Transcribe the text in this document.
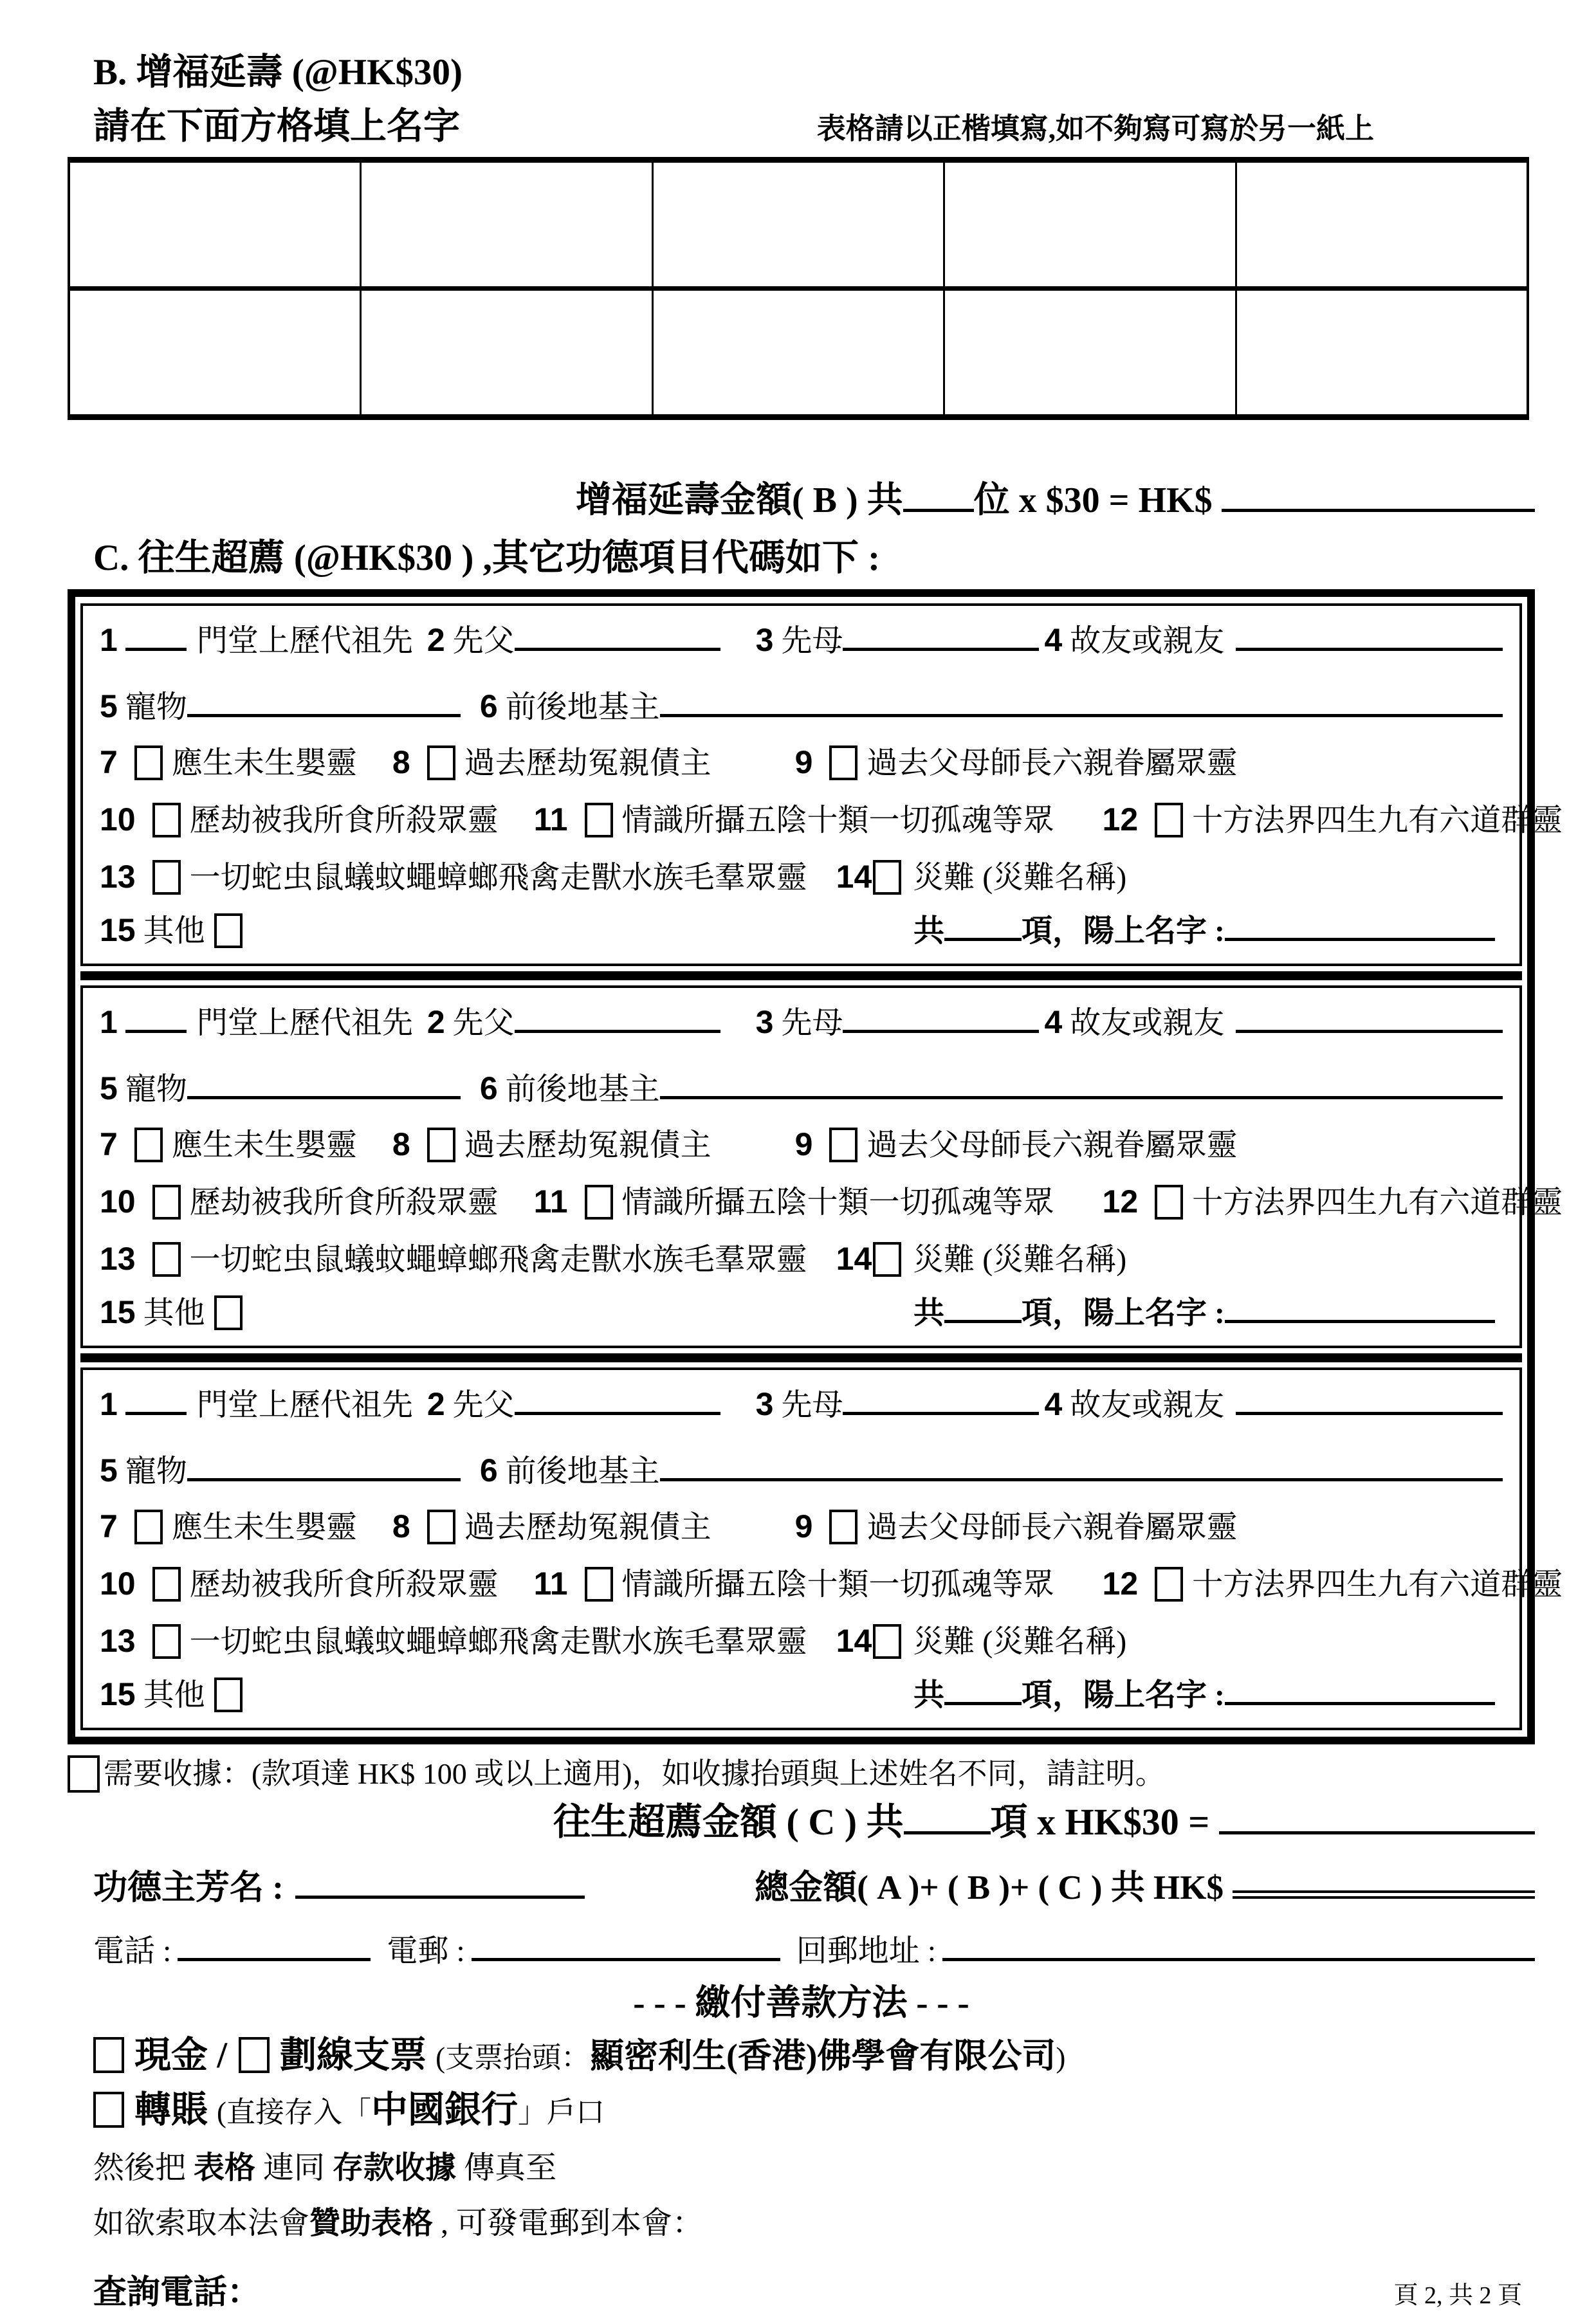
B. 增福延壽 (@HK$30)
請在下面方格填上名字	表格請以正楷填寫,如不夠寫可寫於另一紙上

增福延壽金額( B ) 共 位 x $30 = HK$

C. 往生超薦 (@HK$30 ) ,其它功德項目代碼如下 :
1	門堂上歷代祖先 2 先父	3 先母	4 故友或親友
5 寵物	6 前後地基主
7 應生未生嬰靈 8 過去歷劫冤親債主	9 過去父母師長六親眷屬眾靈
10 歷劫被我所食所殺眾靈 11 情識所攝五陰十類一切孤魂等眾 12 十方法界四生九有六道群靈
13 一切蛇虫鼠蟻蚊蠅蟑螂飛禽走獸水族毛羣眾靈 14 災難 (災難名稱)
15 其他	共	項，陽上名字 :
1	門堂上歷代祖先 2 先父	3 先母	4 故友或親友
5 寵物	6 前後地基主
7 應生未生嬰靈 8 過去歷劫冤親債主	9 過去父母師長六親眷屬眾靈
10 歷劫被我所食所殺眾靈 11 情識所攝五陰十類一切孤魂等眾 12 十方法界四生九有六道群靈
13 一切蛇虫鼠蟻蚊蠅蟑螂飛禽走獸水族毛羣眾靈 14 災難 (災難名稱)
15 其他	共	項，陽上名字 :
1	門堂上歷代祖先 2 先父	3 先母	4 故友或親友
5 寵物	6 前後地基主
7 應生未生嬰靈 8 過去歷劫冤親債主	9 過去父母師長六親眷屬眾靈
10 歷劫被我所食所殺眾靈 11 情識所攝五陰十類一切孤魂等眾 12 十方法界四生九有六道群靈
13 一切蛇虫鼠蟻蚊蠅蟑螂飛禽走獸水族毛羣眾靈 14 災難 (災難名稱)
15 其他	共	項，陽上名字 :
需要收據： (款項達 HK$ 100 或以上適用)，如收據抬頭與上述姓名不同，請註明。
往生超薦金額 ( C ) 共 項 x HK$30 =

功德主芳名 :	總金額( A )+ ( B )+ ( C ) 共 HK$
電話 :	電郵 :	回郵地址 :
- - - 繳付善款方法 - - -
現金 / 劃線支票 (支票抬頭： 顯密利生(香港)佛學會有限公司 )
轉賬 (直接存入「 中國銀行 」戶口
然後把 表格 連同 存款收據 傳真至
如欲索取本法會贊助表格 , 可發電郵到本會：
查詢電話：	頁 2, 共 2 頁
